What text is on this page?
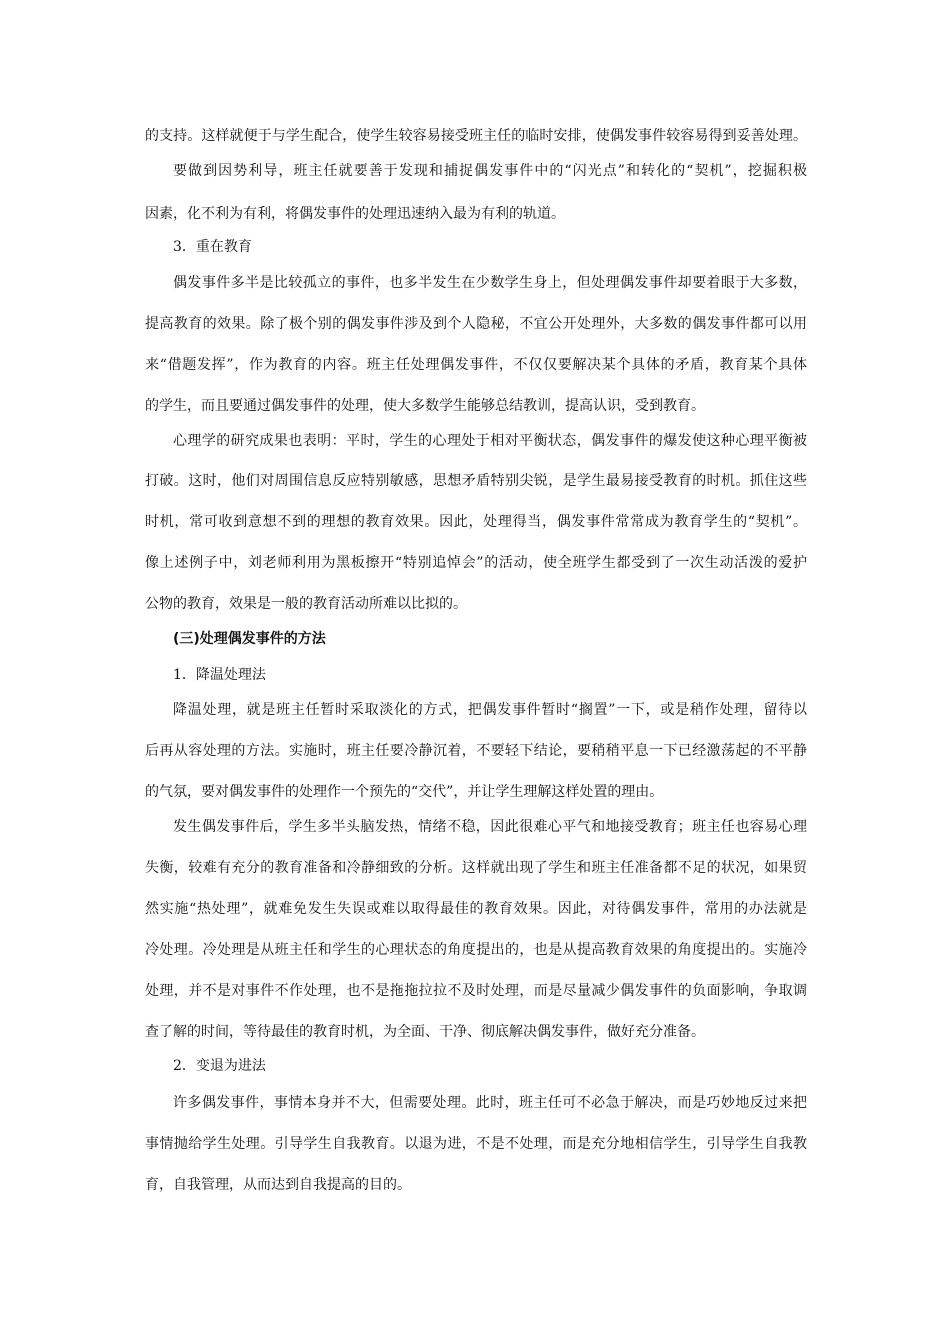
的支持。这样就便于与学生配合，使学生较容易接受班主任的临时安排，使偶发事件较容易得到妥善处理。
要做到因势利导，班主任就要善于发现和捕捉偶发事件中的“闪光点”和转化的“契机”，挖掘积极
因素，化不利为有利，将偶发事件的处理迅速纳入最为有利的轨道。
3．重在教育
偶发事件多半是比较孤立的事件，也多半发生在少数学生身上，但处理偶发事件却要着眼于大多数，
提高教育的效果。除了极个别的偶发事件涉及到个人隐秘，不宜公开处理外，大多数的偶发事件都可以用
来“借题发挥”，作为教育的内容。班主任处理偶发事件，不仅仅要解决某个具体的矛盾，教育某个具体
的学生，而且要通过偶发事件的处理，使大多数学生能够总结教训，提高认识，受到教育。
心理学的研究成果也表明：平时，学生的心理处于相对平衡状态，偶发事件的爆发使这种心理平衡被
打破。这时，他们对周围信息反应特别敏感，思想矛盾特别尖锐，是学生最易接受教育的时机。抓住这些
时机，常可收到意想不到的理想的教育效果。因此，处理得当，偶发事件常常成为教育学生的“契机”。
像上述例子中，刘老师利用为黑板擦开“特别追悼会”的活动，使全班学生都受到了一次生动活泼的爱护
公物的教育，效果是一般的教育活动所难以比拟的。
(三)处理偶发事件的方法
1．降温处理法
降温处理，就是班主任暂时采取淡化的方式，把偶发事件暂时“搁置”一下，或是稍作处理，留待以
后再从容处理的方法。实施时，班主任要冷静沉着，不要轻下结论，要稍稍平息一下已经激荡起的不平静
的气氛，要对偶发事件的处理作一个预先的“交代”，并让学生理解这样处置的理由。
发生偶发事件后，学生多半头脑发热，情绪不稳，因此很难心平气和地接受教育；班主任也容易心理
失衡，较难有充分的教育准备和冷静细致的分析。这样就出现了学生和班主任准备都不足的状况，如果贸
然实施“热处理”，就难免发生失误或难以取得最佳的教育效果。因此，对待偶发事件，常用的办法就是
冷处理。冷处理是从班主任和学生的心理状态的角度提出的，也是从提高教育效果的角度提出的。实施冷
处理，并不是对事件不作处理，也不是拖拖拉拉不及时处理，而是尽量减少偶发事件的负面影响，争取调
查了解的时间，等待最佳的教育时机，为全面、干净、彻底解决偶发事件，做好充分准备。
2．变退为进法
许多偶发事件，事情本身并不大，但需要处理。此时，班主任可不必急于解决，而是巧妙地反过来把
事情抛给学生处理。引导学生自我教育。以退为进，不是不处理，而是充分地相信学生，引导学生自我教
育，自我管理，从而达到自我提高的目的。
